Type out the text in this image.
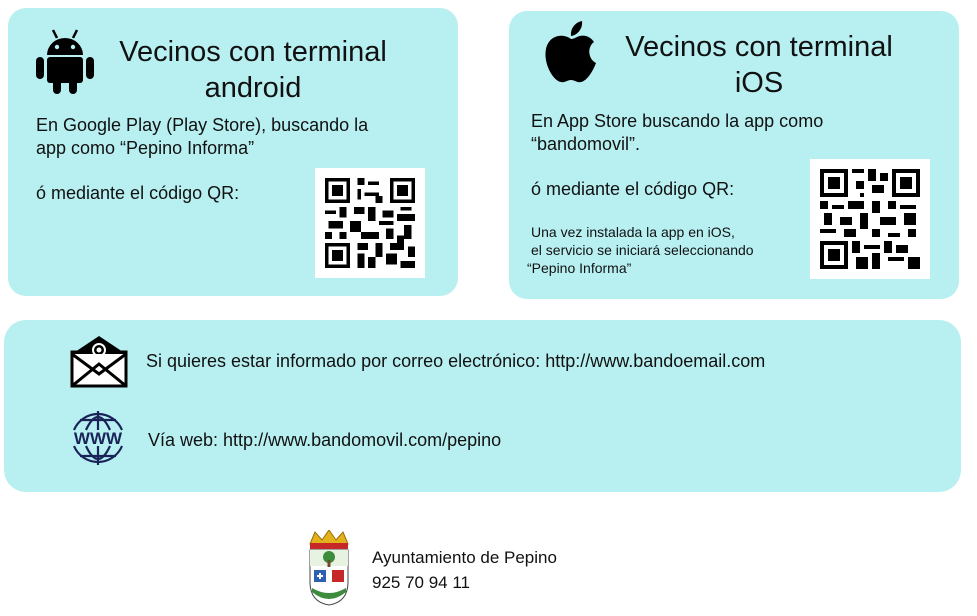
Vecinos con terminal
android
En Google Play (Play Store), buscando la
app como “Pepino Informa”
ó mediante el código QR:
Vecinos con terminal
iOS
En App Store buscando la app como
“bandomovil”.
ó mediante el código QR:
Una vez instalada la app en iOS,
el servicio se iniciará seleccionando
“Pepino Informa”
Si quieres estar informado por correo electrónico: http://www.bandoemail.com
WWW Vía web: http://www.bandomovil.com/pepino
Ayuntamiento de Pepino
925 70 94 11
